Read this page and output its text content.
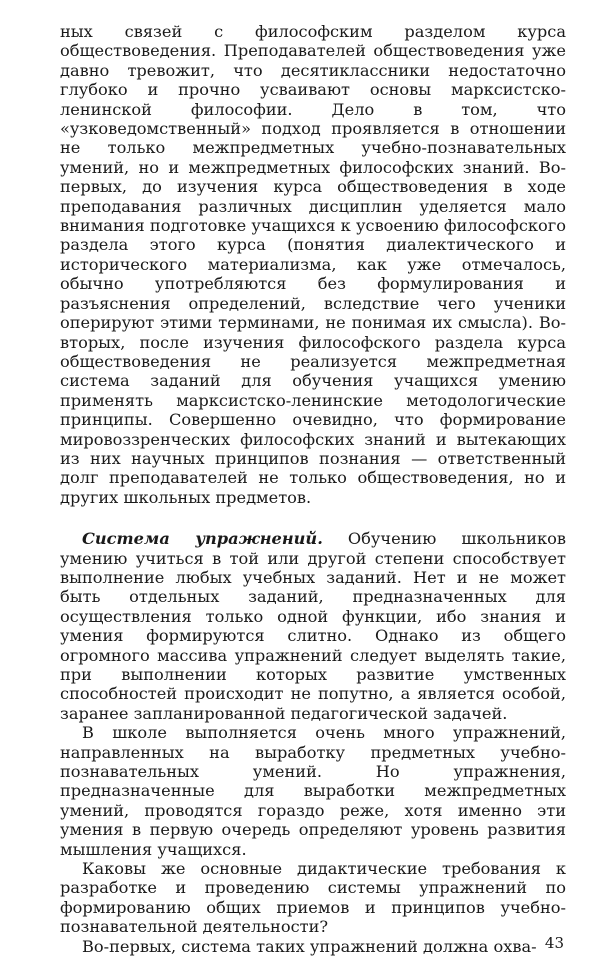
ных связей с философским разделом курса обществоведения. Преподавателей обществоведения уже давно тревожит, что десятиклассники недостаточно глубоко и прочно усваивают основы марксистско-ленинской философии. Дело в том, что «узковедомственный» подход проявляется в отношении не только межпредметных учебно-познавательных умений, но и межпредметных философских знаний. Во-первых, до изучения курса обществоведения в ходе преподавания различных дисциплин уделяется мало внимания подготовке учащихся к усвоению философского раздела этого курса (понятия диалектического и исторического материализма, как уже отмечалось, обычно употребляются без формулирования и разъяснения определений, вследствие чего ученики оперируют этими терминами, не понимая их смысла). Во-вторых, после изучения философского раздела курса обществоведения не реализуется межпредметная система заданий для обучения учащихся умению применять марксистско-ленинские методологические принципы. Совершенно очевидно, что формирование мировоззренческих философских знаний и вытекающих из них научных принципов познания — ответственный долг преподавателей не только обществоведения, но и других школьных предметов.

Система упражнений. Обучению школьников умению учиться в той или другой степени способствует выполнение любых учебных заданий. Нет и не может быть отдельных заданий, предназначенных для осуществления только одной функции, ибо знания и умения формируются слитно. Однако из общего огромного массива упражнений следует выделять такие, при выполнении которых развитие умственных способностей происходит не попутно, а является особой, заранее запланированной педагогической задачей.

В школе выполняется очень много упражнений, направленных на выработку предметных учебно-познавательных умений. Но упражнения, предназначенные для выработки межпредметных умений, проводятся гораздо реже, хотя именно эти умения в первую очередь определяют уровень развития мышления учащихся.

Каковы же основные дидактические требования к разработке и проведению системы упражнений по формированию общих приемов и принципов учебно-познавательной деятельности?

Во-первых, система таких упражнений должна охва- 43
